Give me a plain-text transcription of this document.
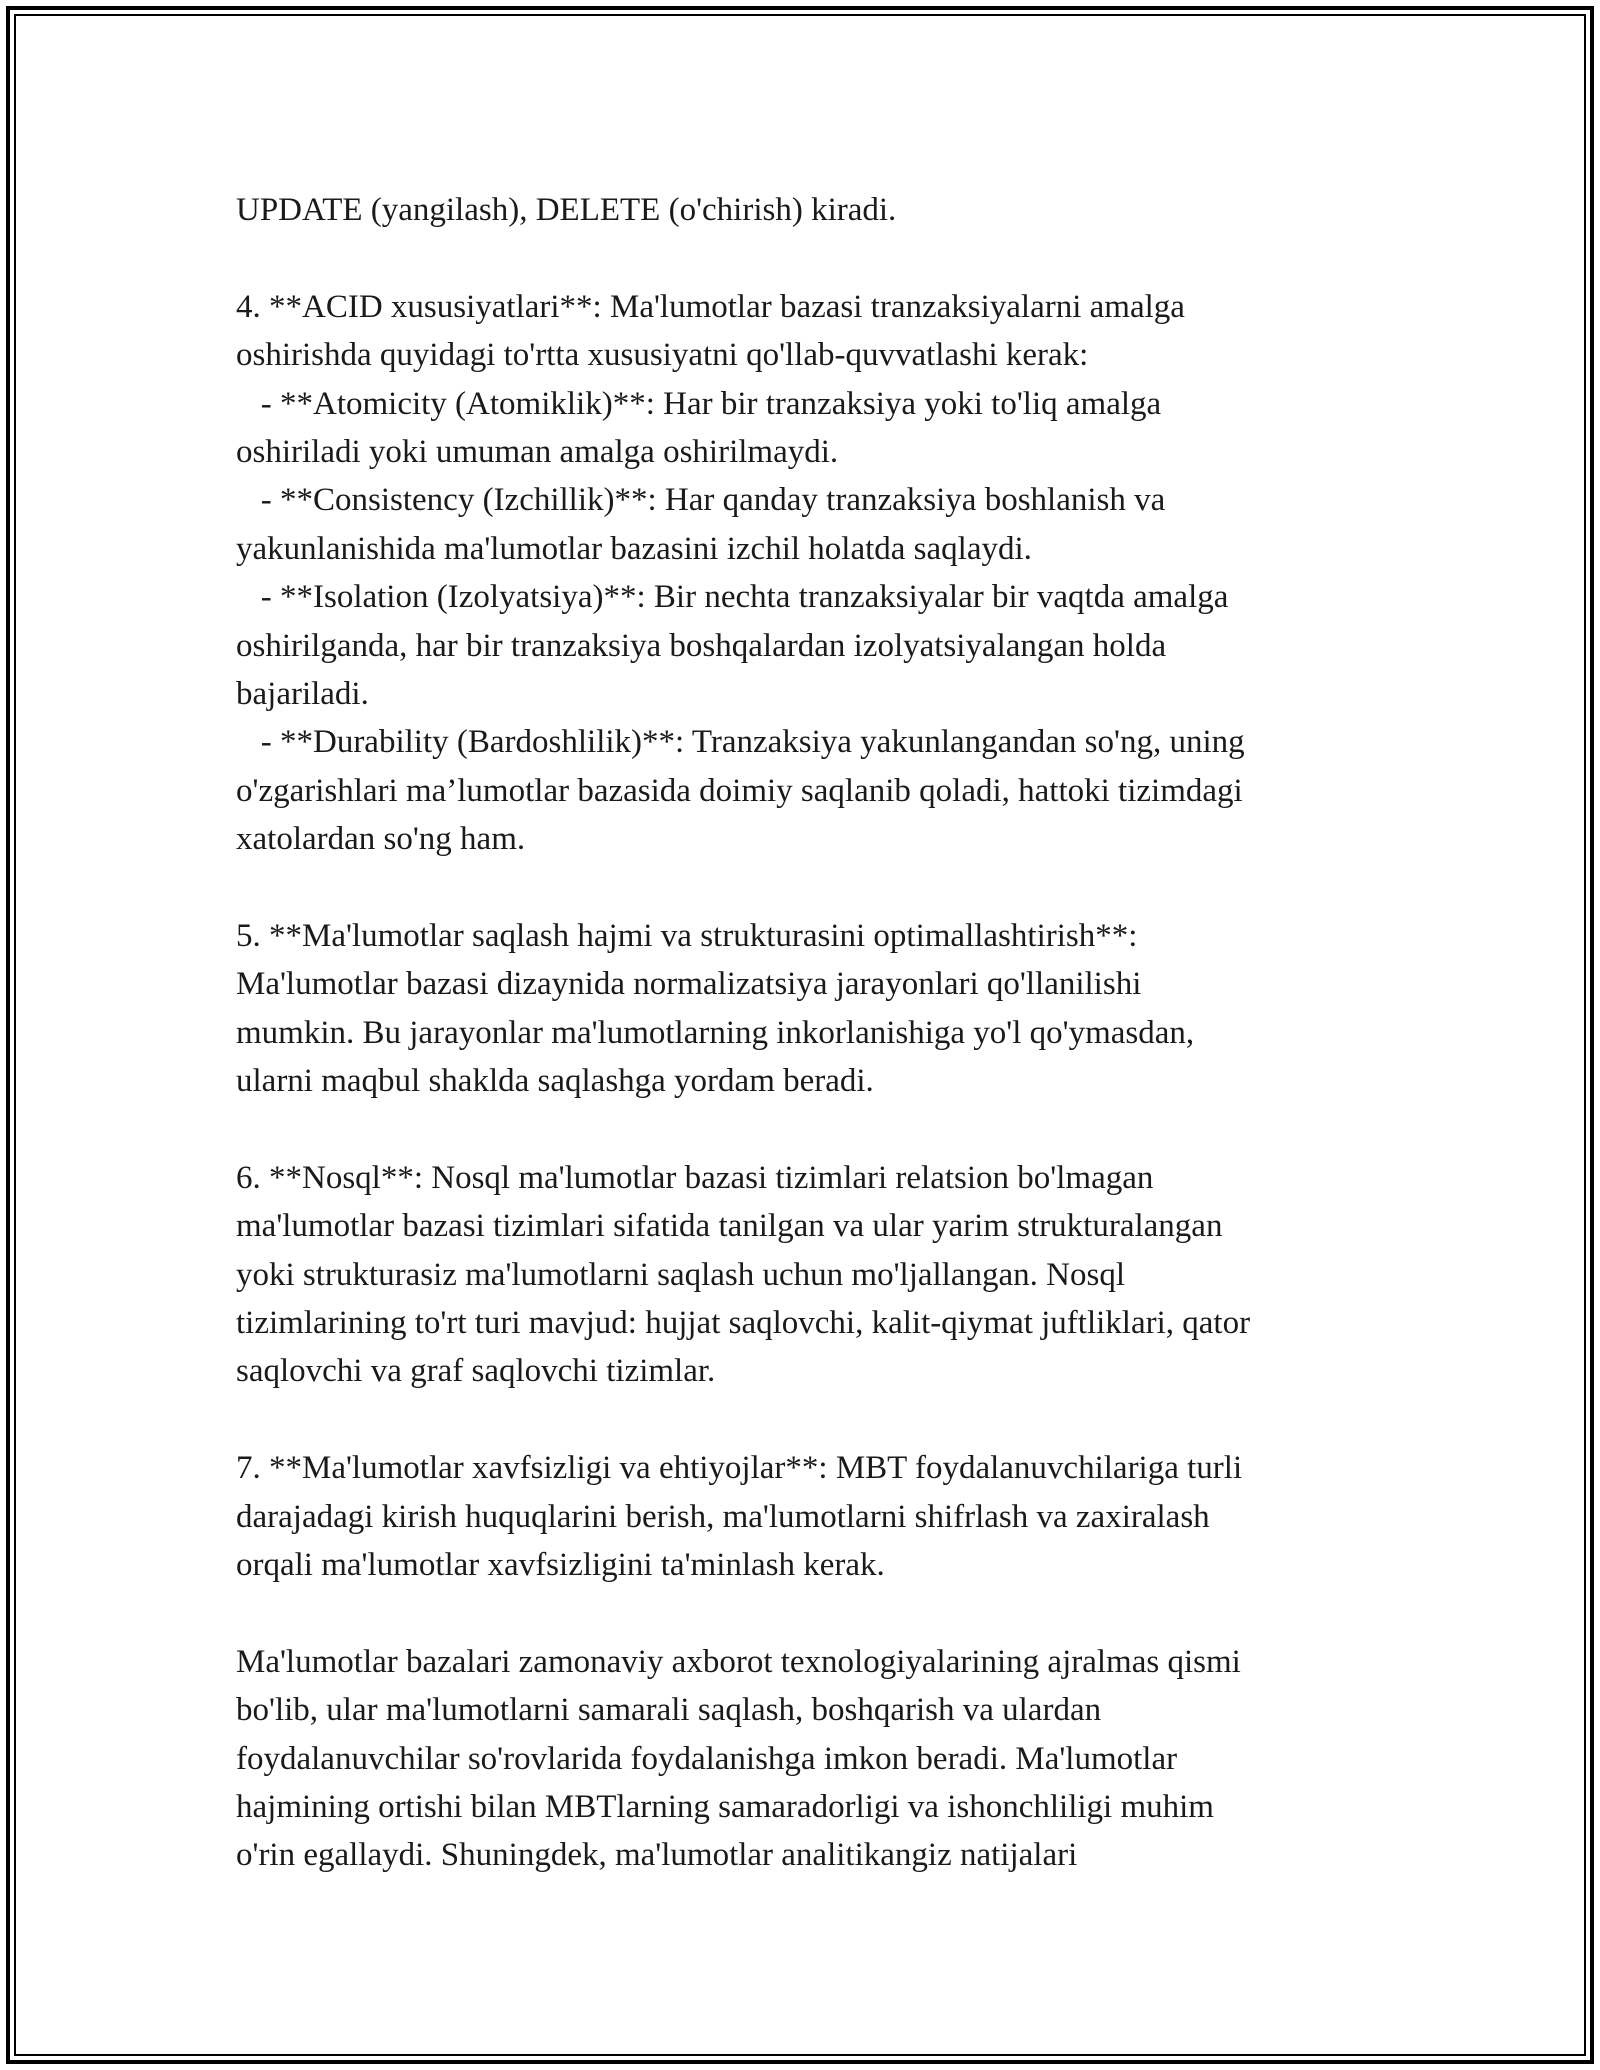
UPDATE (yangilash), DELETE (o'chirish) kiradi.
4. **ACID xususiyatlari**: Ma'lumotlar bazasi tranzaksiyalarni amalga
oshirishda quyidagi to'rtta xususiyatni qo'llab-quvvatlashi kerak:
- **Atomicity (Atomiklik)**: Har bir tranzaksiya yoki to'liq amalga
oshiriladi yoki umuman amalga oshirilmaydi.
- **Consistency (Izchillik)**: Har qanday tranzaksiya boshlanish va
yakunlanishida ma'lumotlar bazasini izchil holatda saqlaydi.
- **Isolation (Izolyatsiya)**: Bir nechta tranzaksiyalar bir vaqtda amalga
oshirilganda, har bir tranzaksiya boshqalardan izolyatsiyalangan holda
bajariladi.
- **Durability (Bardoshlilik)**: Tranzaksiya yakunlangandan so'ng, uning
o'zgarishlari ma’lumotlar bazasida doimiy saqlanib qoladi, hattoki tizimdagi
xatolardan so'ng ham.
5. **Ma'lumotlar saqlash hajmi va strukturasini optimallashtirish**:
Ma'lumotlar bazasi dizaynida normalizatsiya jarayonlari qo'llanilishi
mumkin. Bu jarayonlar ma'lumotlarning inkorlanishiga yo'l qo'ymasdan,
ularni maqbul shaklda saqlashga yordam beradi.
6. **Nosql**: Nosql ma'lumotlar bazasi tizimlari relatsion bo'lmagan
ma'lumotlar bazasi tizimlari sifatida tanilgan va ular yarim strukturalangan
yoki strukturasiz ma'lumotlarni saqlash uchun mo'ljallangan. Nosql
tizimlarining to'rt turi mavjud: hujjat saqlovchi, kalit-qiymat juftliklari, qator
saqlovchi va graf saqlovchi tizimlar.
7. **Ma'lumotlar xavfsizligi va ehtiyojlar**: MBT foydalanuvchilariga turli
darajadagi kirish huquqlarini berish, ma'lumotlarni shifrlash va zaxiralash
orqali ma'lumotlar xavfsizligini ta'minlash kerak.
Ma'lumotlar bazalari zamonaviy axborot texnologiyalarining ajralmas qismi
bo'lib, ular ma'lumotlarni samarali saqlash, boshqarish va ulardan
foydalanuvchilar so'rovlarida foydalanishga imkon beradi. Ma'lumotlar
hajmining ortishi bilan MBTlarning samaradorligi va ishonchliligi muhim
o'rin egallaydi. Shuningdek, ma'lumotlar analitikangiz natijalari
